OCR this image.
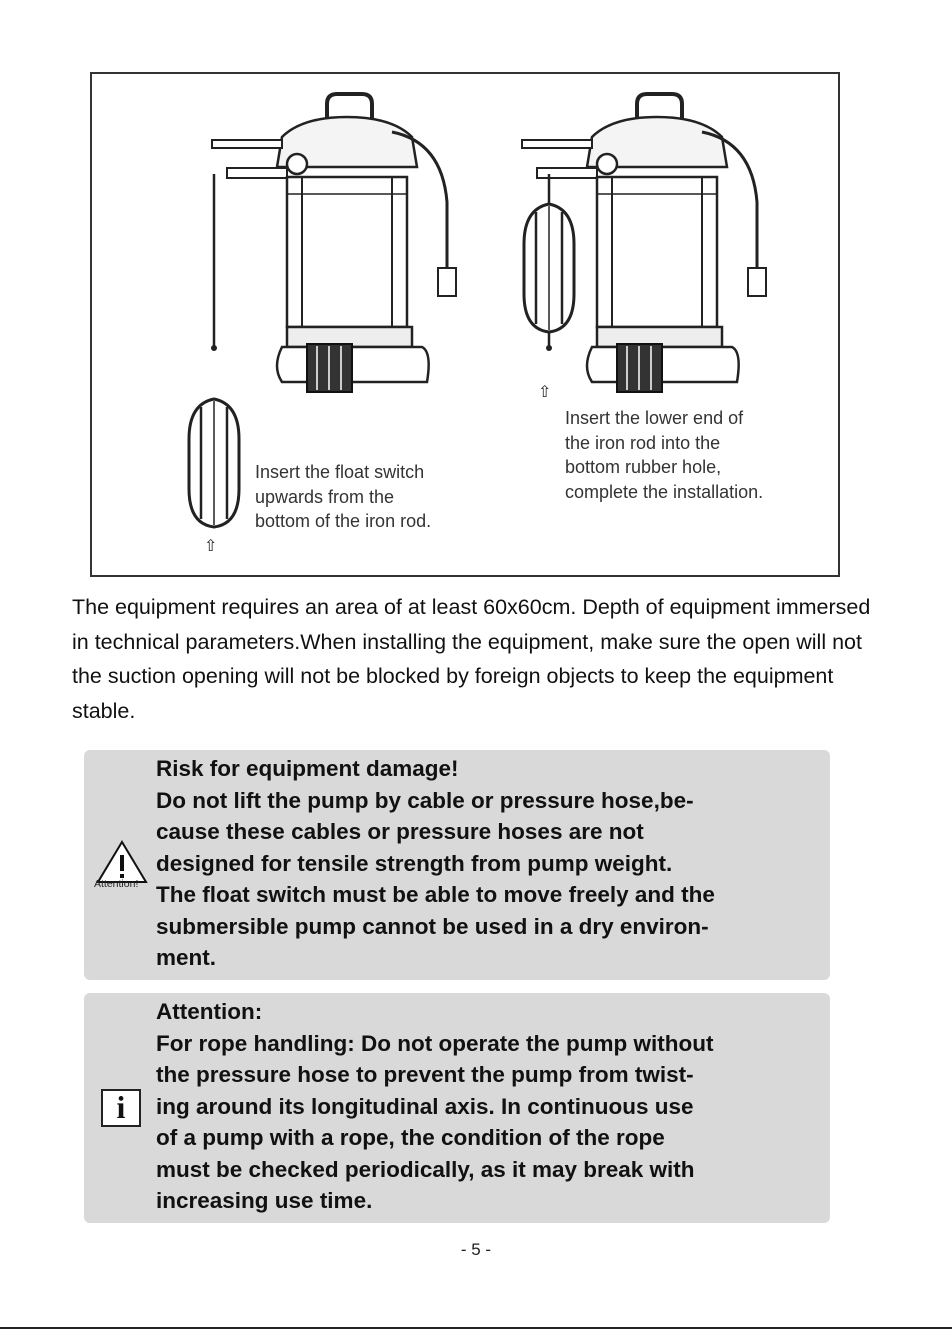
⇧
⇧
Insert the float switch
upwards from the
bottom of the iron rod.
Insert the lower end of
the iron rod into the
bottom rubber hole,
complete the installation.
The equipment requires an area of at least 60x60cm. Depth of equipment immersed in technical parameters.When installing the equipment, make sure the open will not the suction opening will not be blocked by foreign objects to keep the equipment stable.
Attention!
Risk for equipment damage!
Do not lift the pump by cable or pressure hose,be-
cause these cables or pressure hoses are not
designed for tensile strength from pump weight.
The float switch must be able to move freely and the
submersible pump cannot be used in a dry environ-
ment.
i
Attention:
For rope handling: Do not operate the pump without
the pressure hose to prevent the pump from twist-
ing around its longitudinal axis. In continuous use
of a pump with a rope, the condition of the rope
must be checked periodically, as it may break with
increasing use time.
- 5 -
